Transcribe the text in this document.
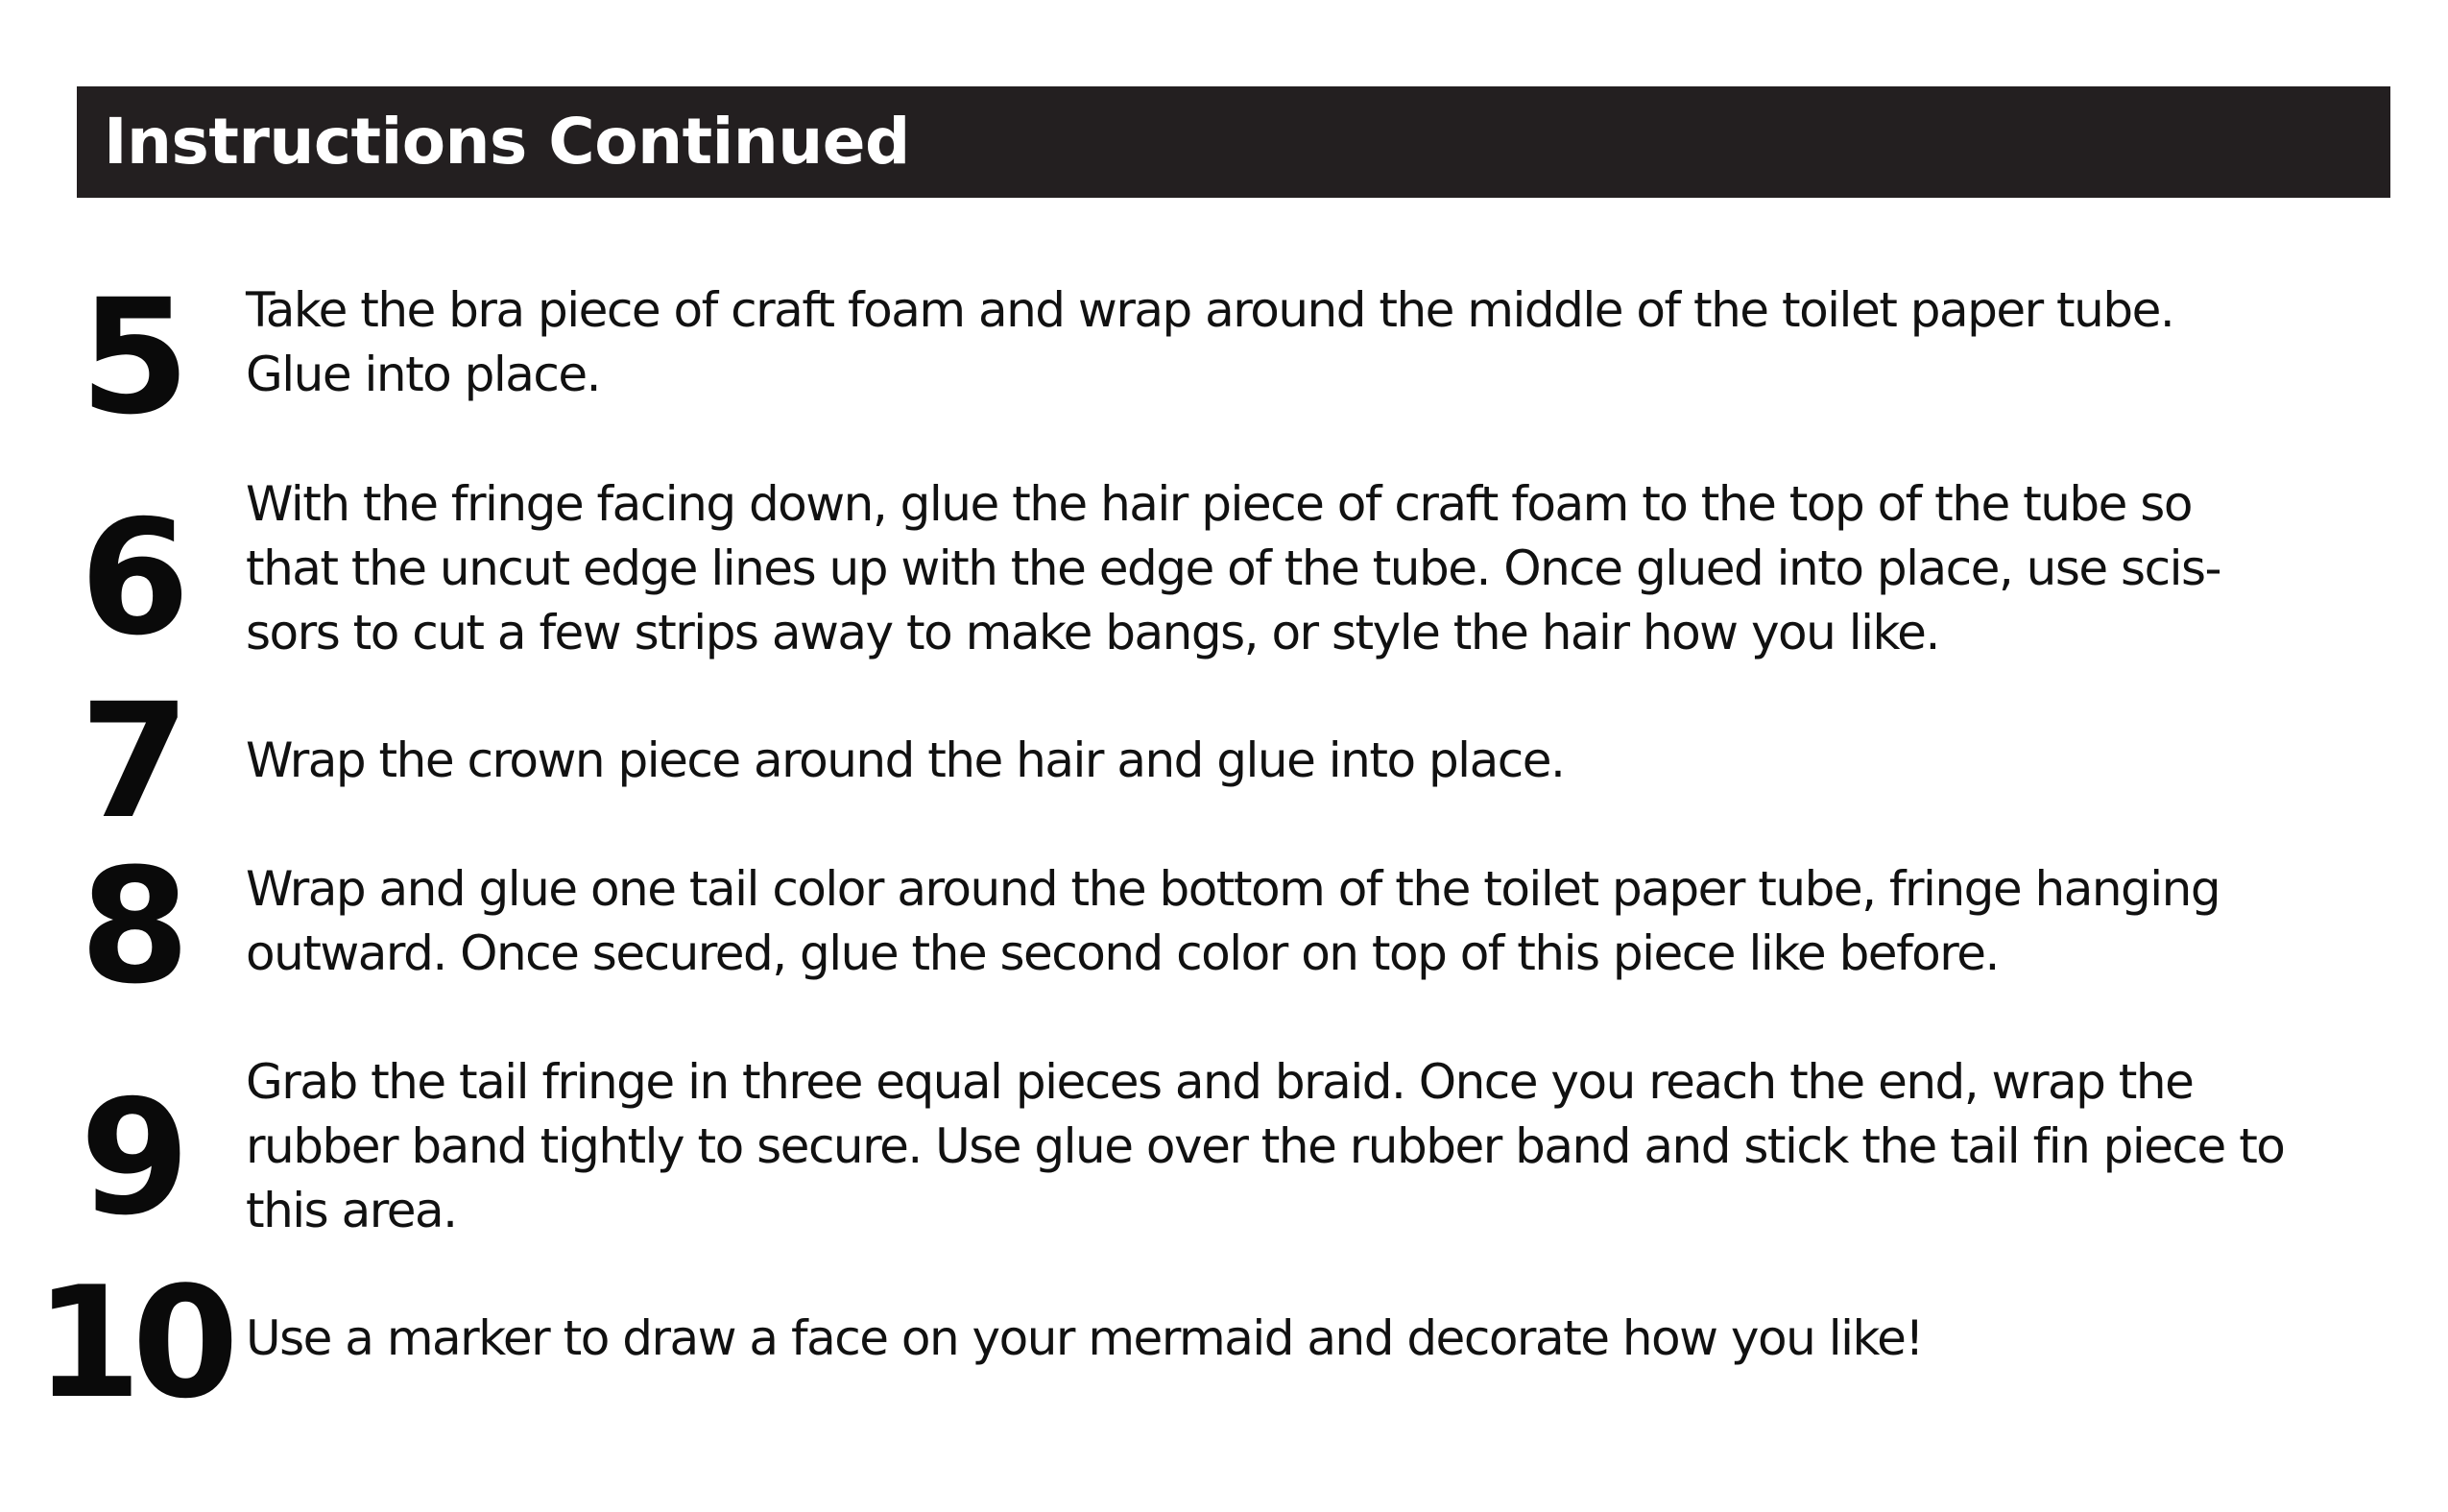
Instructions Continued
5	Take the bra piece of craft foam and wrap around the middle of the toilet paper tube.
Glue into place.
6	With the fringe facing down, glue the hair piece of craft foam to the top of the tube so
that the uncut edge lines up with the edge of the tube. Once glued into place, use scis-
sors to cut a few strips away to make bangs, or style the hair how you like.
7	Wrap the crown piece around the hair and glue into place.
8	Wrap and glue one tail color around the bottom of the toilet paper tube, fringe hanging
outward. Once secured, glue the second color on top of this piece like before.
9	Grab the tail fringe in three equal pieces and braid. Once you reach the end, wrap the
rubber band tightly to secure. Use glue over the rubber band and stick the tail fin piece to
this area.
10 Use a marker to draw a face on your mermaid and decorate how you like!
